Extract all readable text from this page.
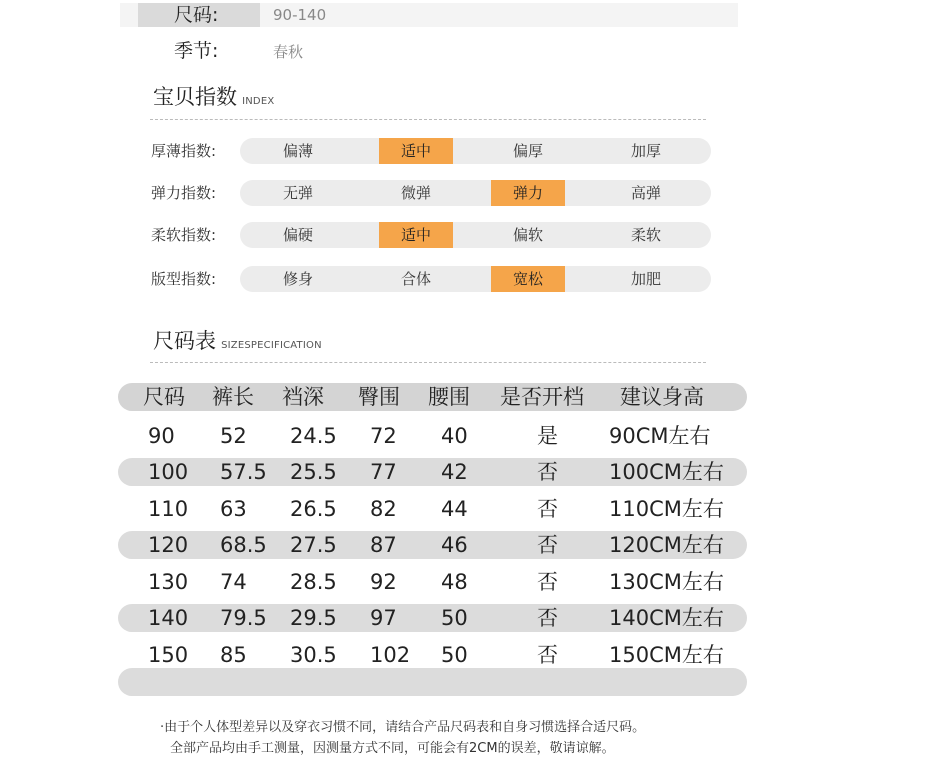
尺码:	90-140
季节:	春秋
宝贝指数 INDEX
厚薄指数:	偏薄	适中	偏厚	加厚
弹力指数:	无弹	微弹	弹力	高弹
柔软指数:	偏硬	适中	偏软	柔软
版型指数:	修身	合体	宽松	加肥
尺码表 SIZESPECIFICATION
尺码 裤长 裆深 臀围 腰围 是否开档 建议身高
90 52 24.5 72 40	是 90CM左右
100 57.5 25.5 77 42	否 100CM左右
110 63 26.5 82 44	否 110CM左右
120 68.5 27.5 87 46	否 120CM左右
130 74 28.5 92 48	否 130CM左右
140 79.5 29.5 97 50	否 140CM左右
150 85 30.5 102 50	否 150CM左右
·由于个人体型差异以及穿衣习惯不同，请结合产品尺码表和自身习惯选择合适尺码。
全部产品均由手工测量，因测量方式不同，可能会有2CM的误差，敬请谅解。
